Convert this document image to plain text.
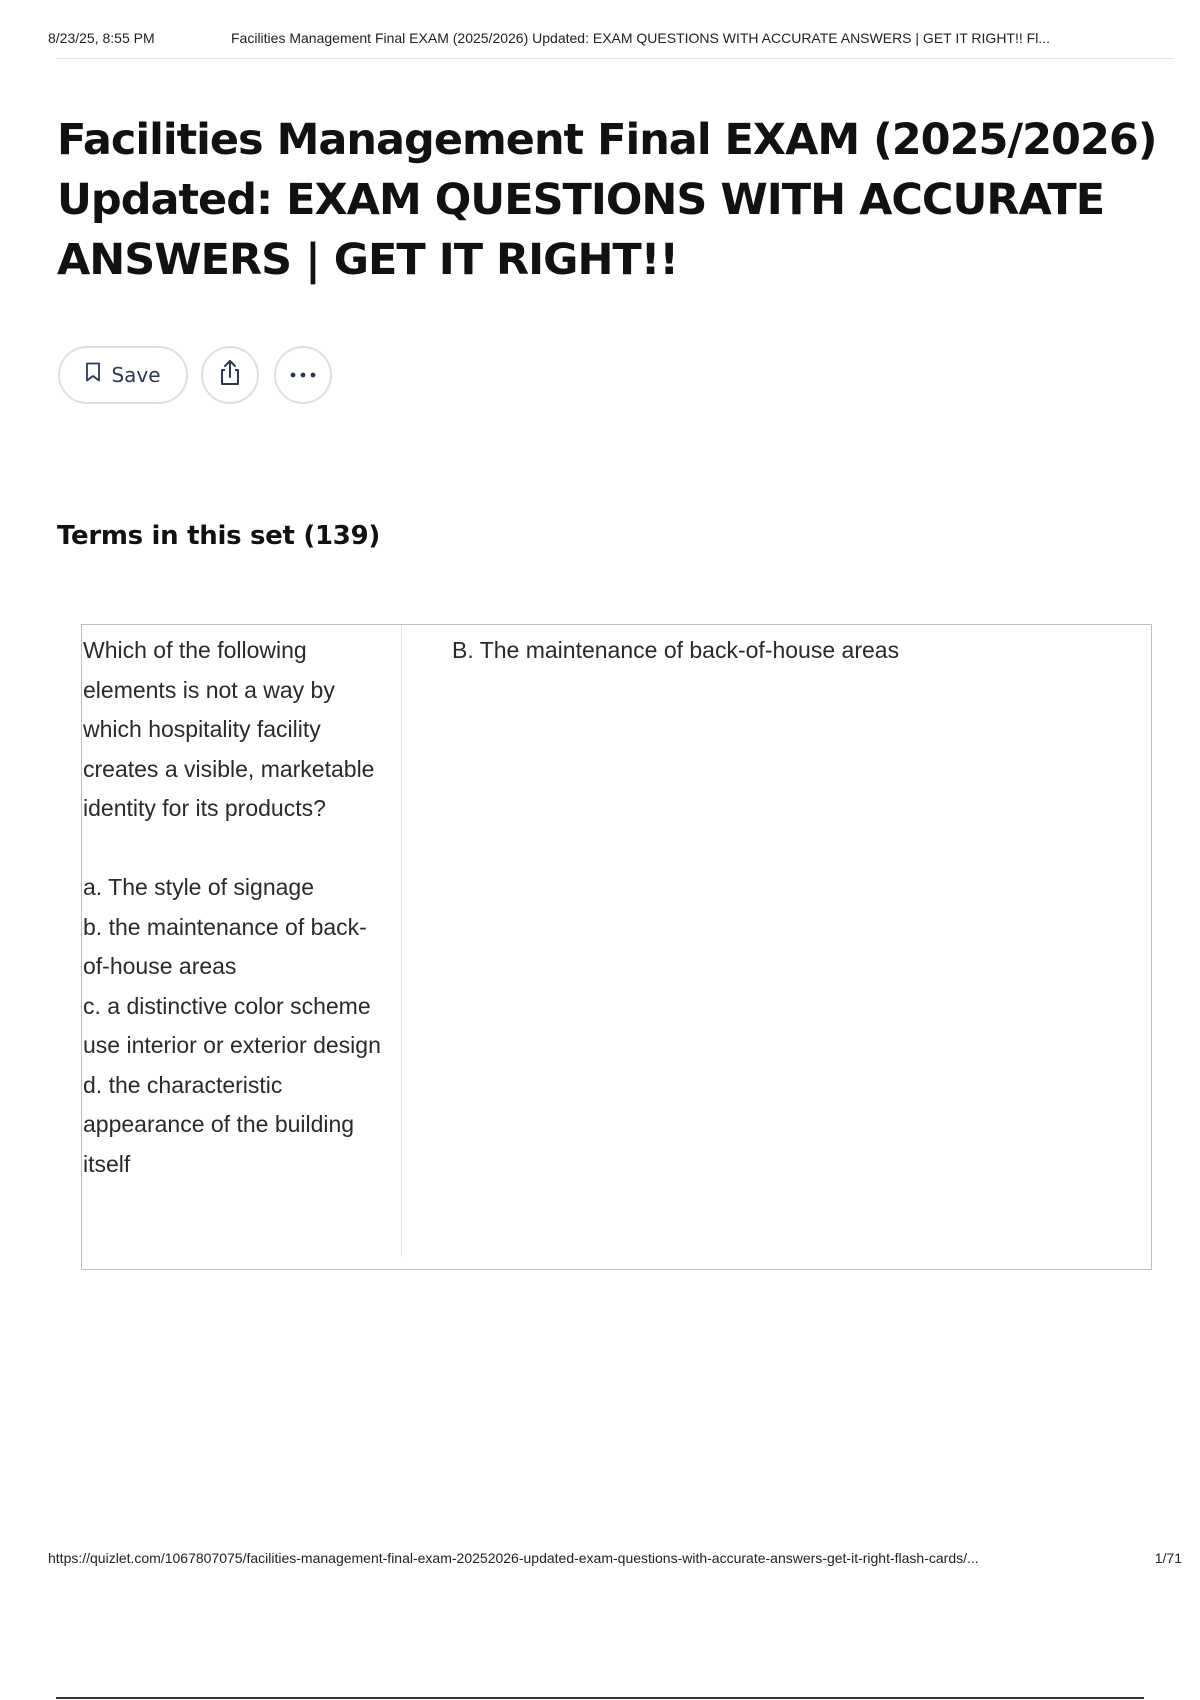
8/23/25, 8:55 PM	Facilities Management Final EXAM (2025/2026) Updated: EXAM QUESTIONS WITH ACCURATE ANSWERS | GET IT RIGHT!! Fl...
Facilities Management Final EXAM (2025/2026) Updated: EXAM QUESTIONS WITH ACCURATE ANSWERS | GET IT RIGHT!!
Save
Terms in this set (139)
Which of the following elements is not a way by which hospitality facility creates a visible, marketable identity for its products?

a. The style of signage
b. the maintenance of back-of-house areas
c. a distinctive color scheme use interior or exterior design
d. the characteristic appearance of the building itself
B. The maintenance of back-of-house areas
https://quizlet.com/1067807075/facilities-management-final-exam-20252026-updated-exam-questions-with-accurate-answers-get-it-right-flash-cards/...	1/71
